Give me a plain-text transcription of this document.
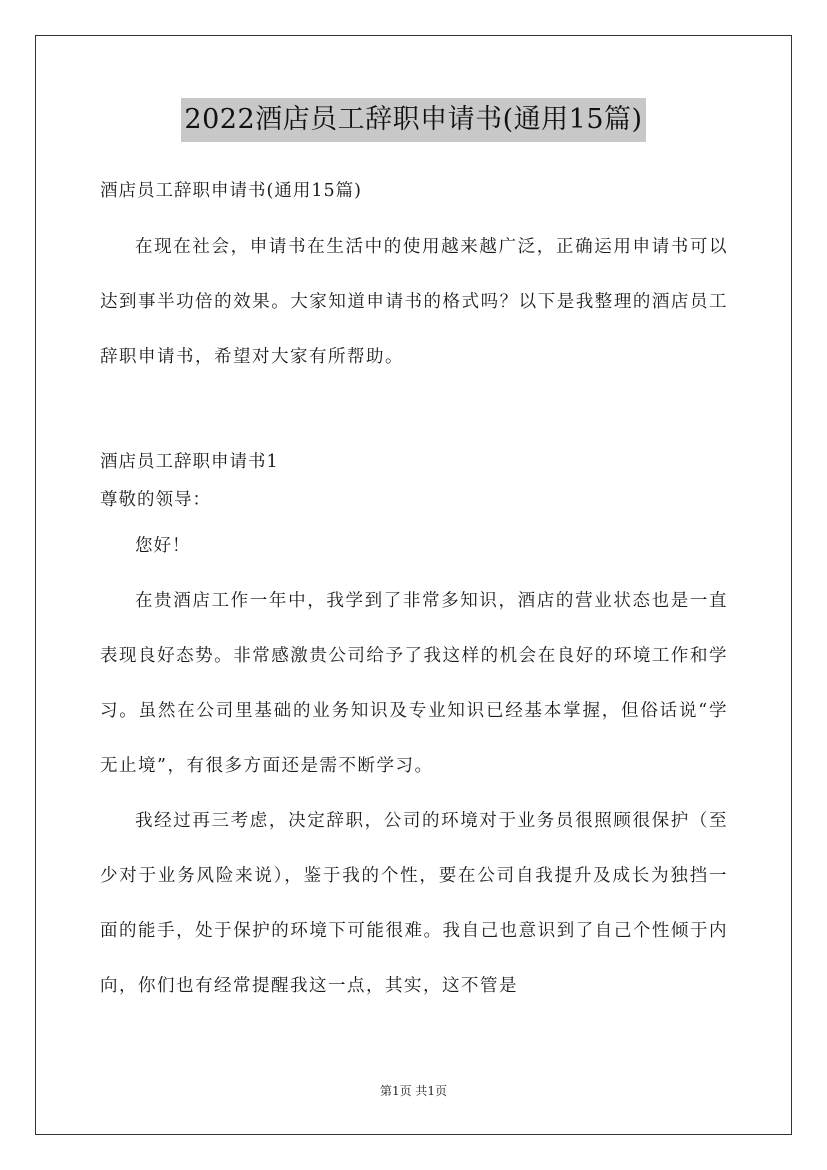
2022酒店员工辞职申请书(通用15篇)
酒店员工辞职申请书(通用15篇)

在现在社会，申请书在生活中的使用越来越广泛，正确运用申请书可以达到事半功倍的效果。大家知道申请书的格式吗？以下是我整理的酒店员工辞职申请书，希望对大家有所帮助。

酒店员工辞职申请书1
尊敬的领导：
您好！

在贵酒店工作一年中，我学到了非常多知识，酒店的营业状态也是一直表现良好态势。非常感激贵公司给予了我这样的机会在良好的环境工作和学习。虽然在公司里基础的业务知识及专业知识已经基本掌握，但俗话说“学无止境”，有很多方面还是需不断学习。

我经过再三考虑，决定辞职，公司的环境对于业务员很照顾很保护（至少对于业务风险来说），鉴于我的个性，要在公司自我提升及成长为独挡一面的能手，处于保护的环境下可能很难。我自己也意识到了自己个性倾于内向，你们也有经常提醒我这一点，其实，这不管是

第1页 共1页
